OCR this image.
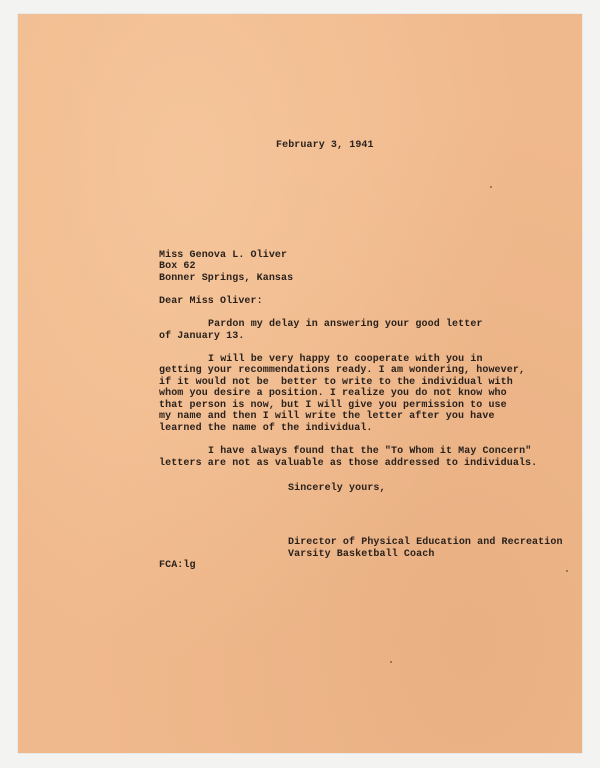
February 3, 1941
Miss Genova L. Oliver
Box 62
Bonner Springs, Kansas
Dear Miss Oliver:
Pardon my delay in answering your good letter
of January 13.
I will be very happy to cooperate with you in
getting your recommendations ready. I am wondering, however,
if it would not be  better to write to the individual with
whom you desire a position. I realize you do not know who
that person is now, but I will give you permission to use
my name and then I will write the letter after you have
learned the name of the individual.
I have always found that the "To Whom it May Concern"
letters are not as valuable as those addressed to individuals.
Sincerely yours,
Director of Physical Education and Recreation
Varsity Basketball Coach
FCA:lg
